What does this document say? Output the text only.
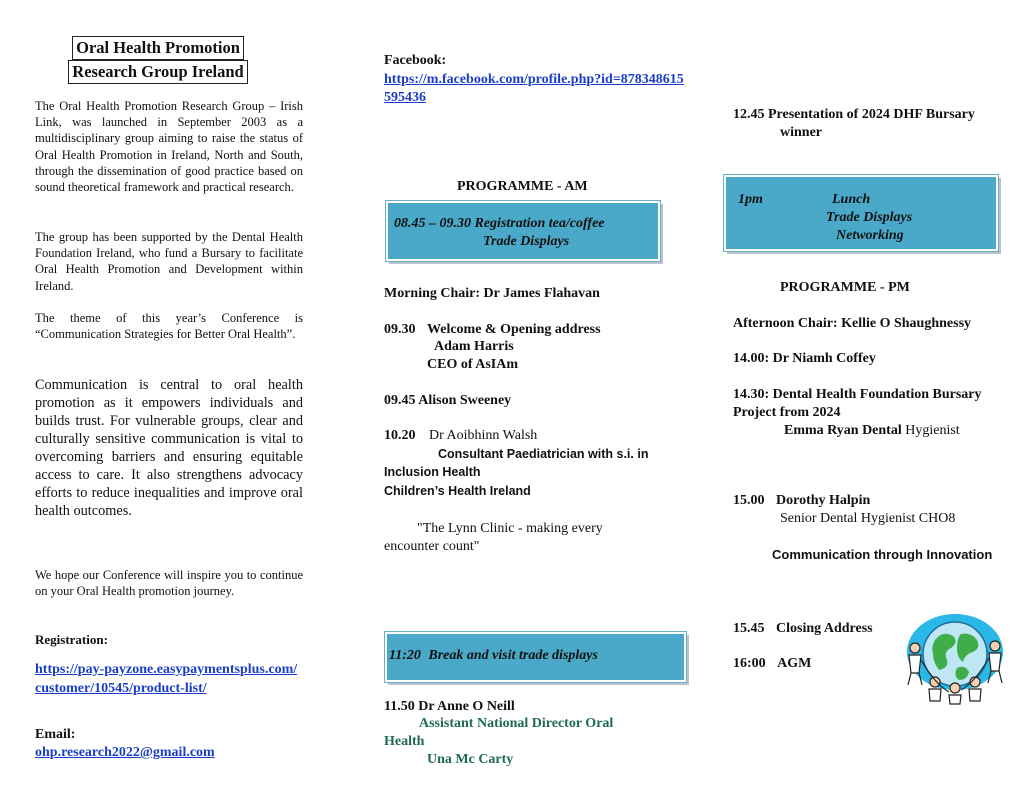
Oral Health Promotion
Research Group Ireland
The Oral Health Promotion Research Group – Irish Link, was launched in September 2003 as a multidisciplinary group aiming to raise the status of Oral Health Promotion in Ireland, North and South, through the dissemination of good practice based on sound theoretical framework and practical research.
The group has been supported by the Dental Health Foundation Ireland, who fund a Bursary to facilitate Oral Health Promotion and Development within Ireland.
The theme of this year’s Conference is “Communication Strategies for Better Oral Health”.
Communication is central to oral health promotion as it empowers individuals and builds trust. For vulnerable groups, clear and culturally sensitive communication is vital to overcoming barriers and ensuring equitable access to care. It also strengthens advocacy efforts to reduce inequalities and improve oral health outcomes.
We hope our Conference will inspire you to continue on your Oral Health promotion journey.
Registration:
https://pay-payzone.easypaymentsplus.com/customer/10545/product-list/
Email:
ohp.research2022@gmail.com
Facebook:
https://m.facebook.com/profile.php?id=878348615595436
PROGRAMME - AM
08.45 – 09.30 Registration tea/coffee
Trade Displays
Morning Chair: Dr James Flahavan
09.30 Welcome & Opening address
Adam Harris
CEO of AsIAm
09.45 Alison Sweeney
10.20 Dr Aoibhinn Walsh
Consultant Paediatrician with s.i. in
Inclusion Health
Children’s Health Ireland
"The Lynn Clinic - making every encounter count"
11:20 Break and visit trade displays
11.50 Dr Anne O Neill
Assistant National Director Oral
Health
Una Mc Carty
12.45 Presentation of 2024 DHF Bursary
winner
1pm	Lunch
Trade Displays
Networking
PROGRAMME - PM
Afternoon Chair: Kellie O Shaughnessy
14.00: Dr Niamh Coffey
14.30: Dental Health Foundation Bursary
Project from 2024
Emma Ryan Dental Hygienist
15.00 Dorothy Halpin
Senior Dental Hygienist CHO8
Communication through Innovation
15.45 Closing Address
16:00 AGM
